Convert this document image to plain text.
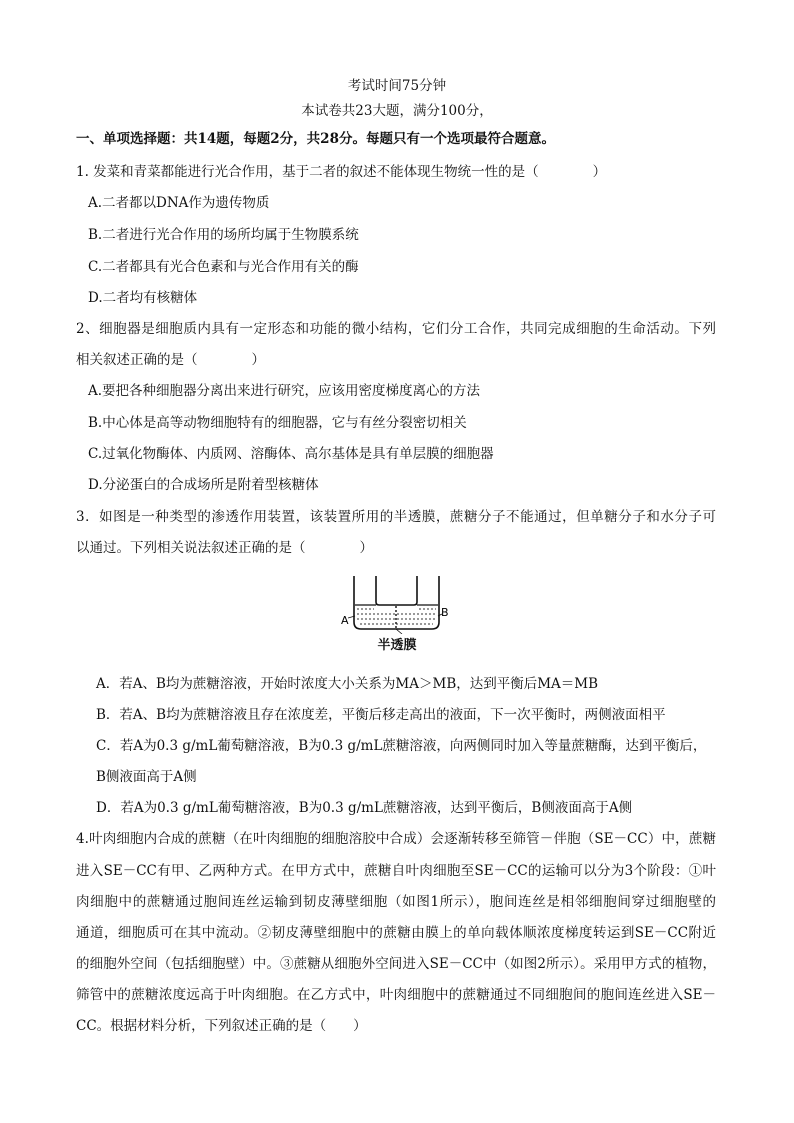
考试时间75分钟
本试卷共23大题，满分100分，
一、单项选择题：共14题，每题2分，共28分。每题只有一个选项最符合题意。
1. 发菜和青菜都能进行光合作用，基于二者的叙述不能体现生物统一性的是（　　　　）
A.二者都以DNA作为遗传物质
B.二者进行光合作用的场所均属于生物膜系统
C.二者都具有光合色素和与光合作用有关的酶
D.二者均有核糖体
2、细胞器是细胞质内具有一定形态和功能的微小结构，它们分工合作，共同完成细胞的生命活动。下列
相关叙述正确的是（　　　　）
A.要把各种细胞器分离出来进行研究，应该用密度梯度离心的方法
B.中心体是高等动物细胞特有的细胞器，它与有丝分裂密切相关
C.过氧化物酶体、内质网、溶酶体、高尔基体是具有单层膜的细胞器
D.分泌蛋白的合成场所是附着型核糖体
3．如图是一种类型的渗透作用装置，该装置所用的半透膜，蔗糖分子不能通过，但单糖分子和水分子可
以通过。下列相关说法叙述正确的是（　　　　）
A
B
半透膜
A．若A、B均为蔗糖溶液，开始时浓度大小关系为MA＞MB，达到平衡后MA＝MB
B．若A、B均为蔗糖溶液且存在浓度差，平衡后移走高出的液面，下一次平衡时，两侧液面相平
C．若A为0.3 g/mL葡萄糖溶液，B为0.3 g/mL蔗糖溶液，向两侧同时加入等量蔗糖酶，达到平衡后，
B侧液面高于A侧
D．若A为0.3 g/mL葡萄糖溶液，B为0.3 g/mL蔗糖溶液，达到平衡后，B侧液面高于A侧
4.叶肉细胞内合成的蔗糖（在叶肉细胞的细胞溶胶中合成）会逐渐转移至筛管－伴胞（SE－CC）中，蔗糖
进入SE－CC有甲、乙两种方式。在甲方式中，蔗糖自叶肉细胞至SE－CC的运输可以分为3个阶段：①叶
肉细胞中的蔗糖通过胞间连丝运输到韧皮薄壁细胞（如图1所示），胞间连丝是相邻细胞间穿过细胞壁的
通道，细胞质可在其中流动。②韧皮薄壁细胞中的蔗糖由膜上的单向载体顺浓度梯度转运到SE－CC附近
的细胞外空间（包括细胞壁）中。③蔗糖从细胞外空间进入SE－CC中（如图2所示）。采用甲方式的植物，
筛管中的蔗糖浓度远高于叶肉细胞。在乙方式中，叶肉细胞中的蔗糖通过不同细胞间的胞间连丝进入SE－
CC。根据材料分析，下列叙述正确的是（　　）
